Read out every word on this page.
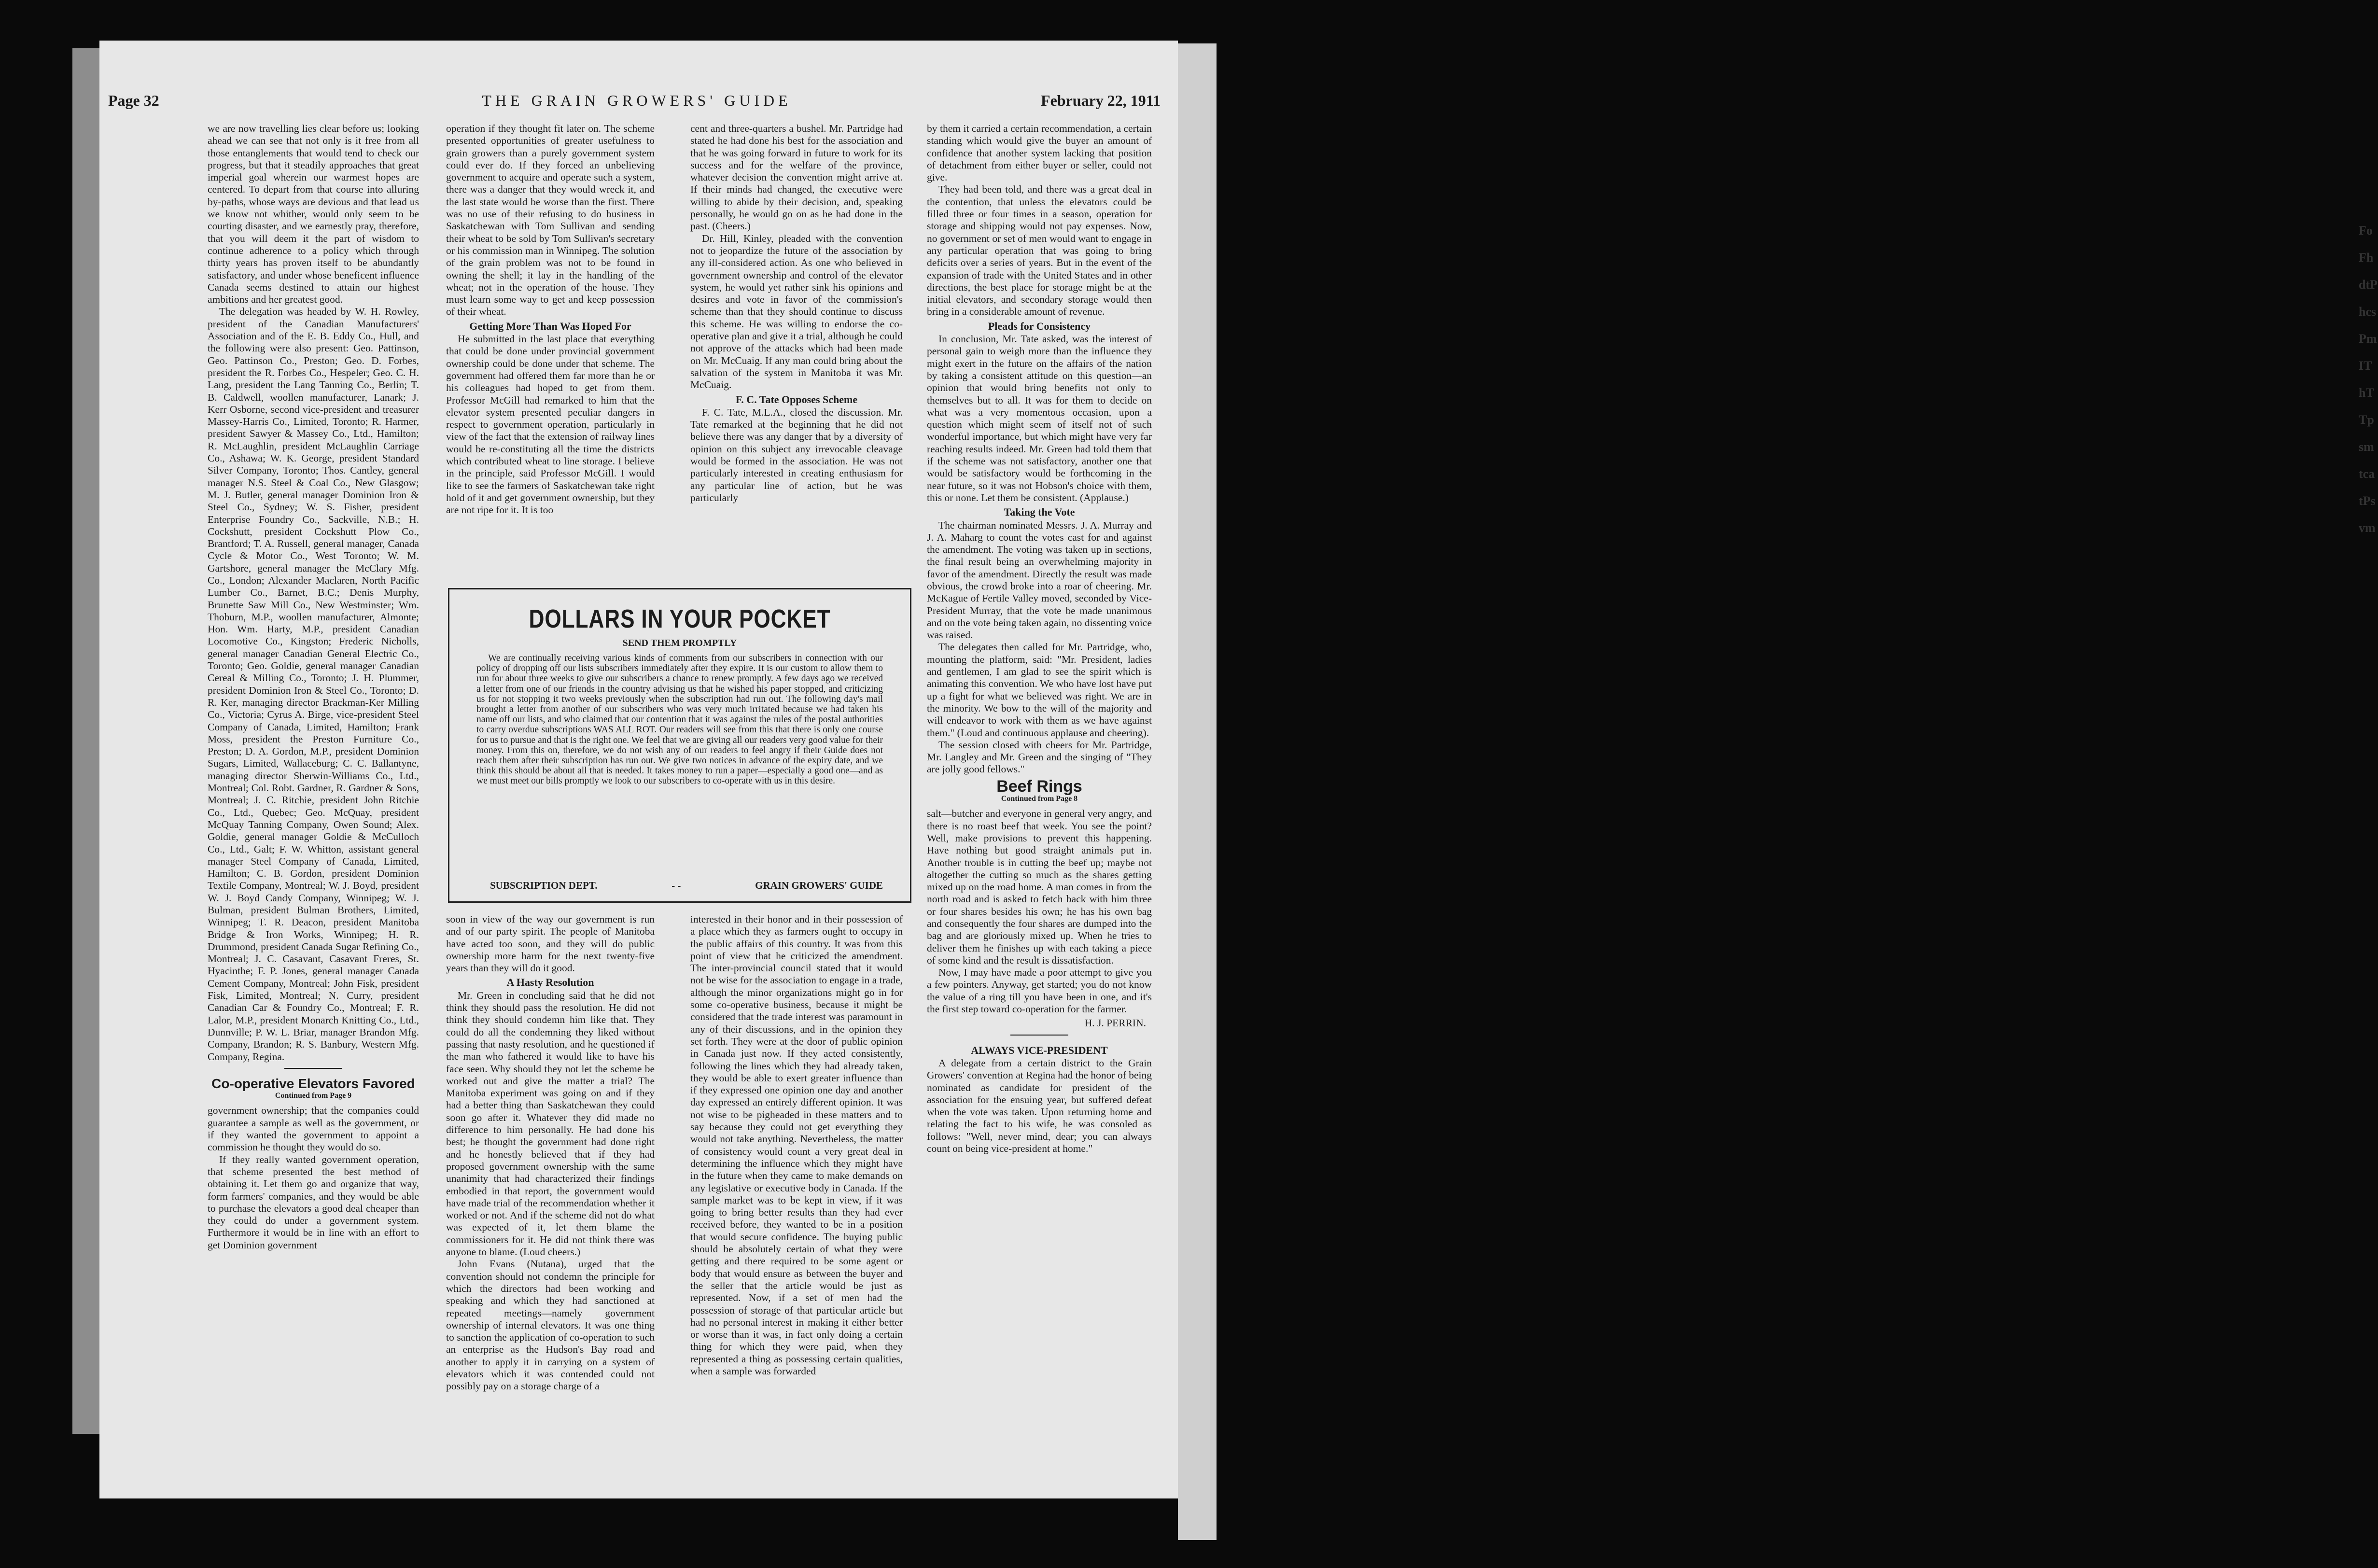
FoFhdtPhcsPmIThTTpsmtcatPsvm
Page 32	THE GRAIN GROWERS' GUIDE	February 22, 1911

we are now travelling lies clear before us; looking ahead we can see that not only is it free from all those entanglements that would tend to check our progress, but that it steadily approaches that great imperial goal wherein our warmest hopes are centered. To depart from that course into alluring by-paths, whose ways are devious and that lead us we know not whither, would only seem to be courting disaster, and we earnestly pray, therefore, that you will deem it the part of wisdom to continue adherence to a policy which through thirty years has proven itself to be abundantly satisfactory, and under whose beneficent influence Canada seems destined to attain our highest ambitions and her greatest good.

The delegation was headed by W. H. Rowley, president of the Canadian Manufacturers' Association and of the E. B. Eddy Co., Hull, and the following were also present: Geo. Pattinson, Geo. Pattinson Co., Preston; Geo. D. Forbes, president the R. Forbes Co., Hespeler; Geo. C. H. Lang, president the Lang Tanning Co., Berlin; T. B. Caldwell, woollen manufacturer, Lanark; J. Kerr Osborne, second vice-president and treasurer Massey-Harris Co., Limited, Toronto; R. Harmer, president Sawyer & Massey Co., Ltd., Hamilton; R. McLaughlin, president McLaughlin Carriage Co., Ashawa; W. K. George, president Standard Silver Company, Toronto; Thos. Cantley, general manager N.S. Steel & Coal Co., New Glasgow; M. J. Butler, general manager Dominion Iron & Steel Co., Sydney; W. S. Fisher, president Enterprise Foundry Co., Sackville, N.B.; H. Cockshutt, president Cockshutt Plow Co., Brantford; T. A. Russell, general manager, Canada Cycle & Motor Co., West Toronto; W. M. Gartshore, general manager the McClary Mfg. Co., London; Alexander Maclaren, North Pacific Lumber Co., Barnet, B.C.; Denis Murphy, Brunette Saw Mill Co., New Westminster; Wm. Thoburn, M.P., woollen manufacturer, Almonte; Hon. Wm. Harty, M.P., president Canadian Locomotive Co., Kingston; Frederic Nicholls, general manager Canadian General Electric Co., Toronto; Geo. Goldie, general manager Canadian Cereal & Milling Co., Toronto; J. H. Plummer, president Dominion Iron & Steel Co., Toronto; D. R. Ker, managing director Brackman-Ker Milling Co., Victoria; Cyrus A. Birge, vice-president Steel Company of Canada, Limited, Hamilton; Frank Moss, president the Preston Furniture Co., Preston; D. A. Gordon, M.P., president Dominion Sugars, Limited, Wallaceburg; C. C. Ballantyne, managing director Sherwin-Williams Co., Ltd., Montreal; Col. Robt. Gardner, R. Gardner & Sons, Montreal; J. C. Ritchie, president John Ritchie Co., Ltd., Quebec; Geo. McQuay, president McQuay Tanning Company, Owen Sound; Alex. Goldie, general manager Goldie & McCulloch Co., Ltd., Galt; F. W. Whitton, assistant general manager Steel Company of Canada, Limited, Hamilton; C. B. Gordon, president Dominion Textile Company, Montreal; W. J. Boyd, president W. J. Boyd Candy Company, Winnipeg; W. J. Bulman, president Bulman Brothers, Limited, Winnipeg; T. R. Deacon, president Manitoba Bridge & Iron Works, Winnipeg; H. R. Drummond, president Canada Sugar Refining Co., Montreal; J. C. Casavant, Casavant Freres, St. Hyacinthe; F. P. Jones, general manager Canada Cement Company, Montreal; John Fisk, president Fisk, Limited, Montreal; N. Curry, president Canadian Car & Foundry Co., Montreal; F. R. Lalor, M.P., president Monarch Knitting Co., Ltd., Dunnville; P. W. L. Briar, manager Brandon Mfg. Company, Brandon; R. S. Banbury, Western Mfg. Company, Regina.

Co-operative Elevators Favored
Continued from Page 9

government ownership; that the companies could guarantee a sample as well as the government, or if they wanted the government to appoint a commission he thought they would do so.

If they really wanted government operation, that scheme presented the best method of obtaining it. Let them go and organize that way, form farmers' companies, and they would be able to purchase the elevators a good deal cheaper than they could do under a government system. Furthermore it would be in line with an effort to get Dominion government

operation if they thought fit later on. The scheme presented opportunities of greater usefulness to grain growers than a purely government system could ever do. If they forced an unbelieving government to acquire and operate such a system, there was a danger that they would wreck it, and the last state would be worse than the first. There was no use of their refusing to do business in Saskatchewan with Tom Sullivan and sending their wheat to be sold by Tom Sullivan's secretary or his commission man in Winnipeg. The solution of the grain problem was not to be found in owning the shell; it lay in the handling of the wheat; not in the operation of the house. They must learn some way to get and keep possession of their wheat.

Getting More Than Was Hoped For

He submitted in the last place that everything that could be done under provincial government ownership could be done under that scheme. The government had offered them far more than he or his colleagues had hoped to get from them. Professor McGill had remarked to him that the elevator system presented peculiar dangers in respect to government operation, particularly in view of the fact that the extension of railway lines would be re-constituting all the time the districts which contributed wheat to line storage. I believe in the principle, said Professor McGill. I would like to see the farmers of Saskatchewan take right hold of it and get government ownership, but they are not ripe for it. It is too

cent and three-quarters a bushel. Mr. Partridge had stated he had done his best for the association and that he was going forward in future to work for its success and for the welfare of the province, whatever decision the convention might arrive at. If their minds had changed, the executive were willing to abide by their decision, and, speaking personally, he would go on as he had done in the past. (Cheers.)

Dr. Hill, Kinley, pleaded with the convention not to jeopardize the future of the association by any ill-considered action. As one who believed in government ownership and control of the elevator system, he would yet rather sink his opinions and desires and vote in favor of the commission's scheme than that they should continue to discuss this scheme. He was willing to endorse the co-operative plan and give it a trial, although he could not approve of the attacks which had been made on Mr. McCuaig. If any man could bring about the salvation of the system in Manitoba it was Mr. McCuaig.

F. C. Tate Opposes Scheme

F. C. Tate, M.L.A., closed the discussion. Mr. Tate remarked at the beginning that he did not believe there was any danger that by a diversity of opinion on this subject any irrevocable cleavage would be formed in the association. He was not particularly interested in creating enthusiasm for any particular line of action, but he was particularly

by them it carried a certain recommendation, a certain standing which would give the buyer an amount of confidence that another system lacking that position of detachment from either buyer or seller, could not give.

They had been told, and there was a great deal in the contention, that unless the elevators could be filled three or four times in a season, operation for storage and shipping would not pay expenses. Now, no government or set of men would want to engage in any particular operation that was going to bring deficits over a series of years. But in the event of the expansion of trade with the United States and in other directions, the best place for storage might be at the initial elevators, and secondary storage would then bring in a considerable amount of revenue.

Pleads for Consistency

In conclusion, Mr. Tate asked, was the interest of personal gain to weigh more than the influence they might exert in the future on the affairs of the nation by taking a consistent attitude on this question—an opinion that would bring benefits not only to themselves but to all. It was for them to decide on what was a very momentous occasion, upon a question which might seem of itself not of such wonderful importance, but which might have very far reaching results indeed. Mr. Green had told them that if the scheme was not satisfactory, another one that would be satisfactory would be forthcoming in the near future, so it was not Hobson's choice with them, this or none. Let them be consistent. (Applause.)

Taking the Vote

The chairman nominated Messrs. J. A. Murray and J. A. Maharg to count the votes cast for and against the amendment. The voting was taken up in sections, the final result being an overwhelming majority in favor of the amendment. Directly the result was made obvious, the crowd broke into a roar of cheering. Mr. McKague of Fertile Valley moved, seconded by Vice-President Murray, that the vote be made unanimous and on the vote being taken again, no dissenting voice was raised.

The delegates then called for Mr. Partridge, who, mounting the platform, said: "Mr. President, ladies and gentlemen, I am glad to see the spirit which is animating this convention. We who have lost have put up a fight for what we believed was right. We are in the minority. We bow to the will of the majority and will endeavor to work with them as we have against them." (Loud and continuous applause and cheering).

The session closed with cheers for Mr. Partridge, Mr. Langley and Mr. Green and the singing of "They are jolly good fellows."

Beef Rings
Continued from Page 8

salt—butcher and everyone in general very angry, and there is no roast beef that week. You see the point? Well, make provisions to prevent this happening. Have nothing but good straight animals put in. Another trouble is in cutting the beef up; maybe not altogether the cutting so much as the shares getting mixed up on the road home. A man comes in from the north road and is asked to fetch back with him three or four shares besides his own; he has his own bag and consequently the four shares are dumped into the bag and are gloriously mixed up. When he tries to deliver them he finishes up with each taking a piece of some kind and the result is dissatisfaction.

Now, I may have made a poor attempt to give you a few pointers. Anyway, get started; you do not know the value of a ring till you have been in one, and it's the first step toward co-operation for the farmer.

H. J. PERRIN.
ALWAYS VICE-PRESIDENT

A delegate from a certain district to the Grain Growers' convention at Regina had the honor of being nominated as candidate for president of the association for the ensuing year, but suffered defeat when the vote was taken. Upon returning home and relating the fact to his wife, he was consoled as follows: "Well, never mind, dear; you can always count on being vice-president at home."

DOLLARS IN YOUR POCKET
SEND THEM PROMPTLY

We are continually receiving various kinds of comments from our subscribers in connection with our policy of dropping off our lists subscribers immediately after they expire. It is our custom to allow them to run for about three weeks to give our subscribers a chance to renew promptly. A few days ago we received a letter from one of our friends in the country advising us that he wished his paper stopped, and criticizing us for not stopping it two weeks previously when the subscription had run out. The following day's mail brought a letter from another of our subscribers who was very much irritated because we had taken his name off our lists, and who claimed that our contention that it was against the rules of the postal authorities to carry overdue subscriptions WAS ALL ROT. Our readers will see from this that there is only one course for us to pursue and that is the right one. We feel that we are giving all our readers very good value for their money. From this on, therefore, we do not wish any of our readers to feel angry if their Guide does not reach them after their subscription has run out. We give two notices in advance of the expiry date, and we think this should be about all that is needed. It takes money to run a paper—especially a good one—and as we must meet our bills promptly we look to our subscribers to co-operate with us in this desire.

SUBSCRIPTION DEPT.	- -	GRAIN GROWERS' GUIDE

soon in view of the way our government is run and of our party spirit. The people of Manitoba have acted too soon, and they will do public ownership more harm for the next twenty-five years than they will do it good.

A Hasty Resolution

Mr. Green in concluding said that he did not think they should pass the resolution. He did not think they should condemn him like that. They could do all the condemning they liked without passing that nasty resolution, and he questioned if the man who fathered it would like to have his face seen. Why should they not let the scheme be worked out and give the matter a trial? The Manitoba experiment was going on and if they had a better thing than Saskatchewan they could soon go after it. Whatever they did made no difference to him personally. He had done his best; he thought the government had done right and he honestly believed that if they had proposed government ownership with the same unanimity that had characterized their findings embodied in that report, the government would have made trial of the recommendation whether it worked or not. And if the scheme did not do what was expected of it, let them blame the commissioners for it. He did not think there was anyone to blame. (Loud cheers.)

John Evans (Nutana), urged that the convention should not condemn the principle for which the directors had been working and speaking and which they had sanctioned at repeated meetings—namely government ownership of internal elevators. It was one thing to sanction the application of co-operation to such an enterprise as the Hudson's Bay road and another to apply it in carrying on a system of elevators which it was contended could not possibly pay on a storage charge of a

interested in their honor and in their possession of a place which they as farmers ought to occupy in the public affairs of this country. It was from this point of view that he criticized the amendment. The inter-provincial council stated that it would not be wise for the association to engage in a trade, although the minor organizations might go in for some co-operative business, because it might be considered that the trade interest was paramount in any of their discussions, and in the opinion they set forth. They were at the door of public opinion in Canada just now. If they acted consistently, following the lines which they had already taken, they would be able to exert greater influence than if they expressed one opinion one day and another day expressed an entirely different opinion. It was not wise to be pigheaded in these matters and to say because they could not get everything they would not take anything. Nevertheless, the matter of consistency would count a very great deal in determining the influence which they might have in the future when they came to make demands on any legislative or executive body in Canada. If the sample market was to be kept in view, if it was going to bring better results than they had ever received before, they wanted to be in a position that would secure confidence. The buying public should be absolutely certain of what they were getting and there required to be some agent or body that would ensure as between the buyer and the seller that the article would be just as represented. Now, if a set of men had the possession of storage of that particular article but had no personal interest in making it either better or worse than it was, in fact only doing a certain thing for which they were paid, when they represented a thing as possessing certain qualities, when a sample was forwarded
